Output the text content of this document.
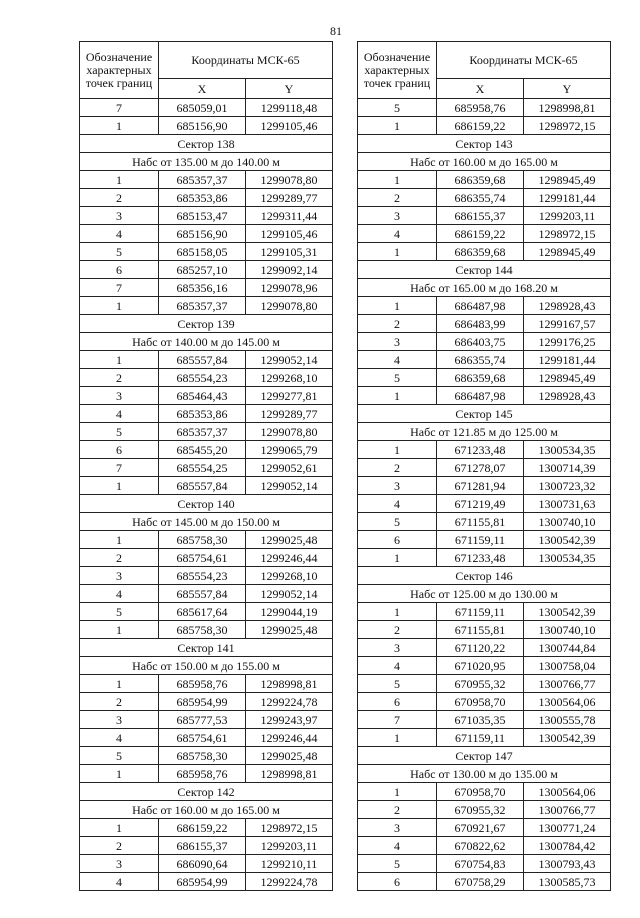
81
Обозначение характерных точек границ	Координаты МСК-65	
	X	Y
7	685059,01	1299118,48
1	685156,90	1299105,46
Сектор 138		
Набс от 135.00 м до 140.00 м		
1	685357,37	1299078,80
2	685353,86	1299289,77
3	685153,47	1299311,44
4	685156,90	1299105,46
5	685158,05	1299105,31
6	685257,10	1299092,14
7	685356,16	1299078,96
1	685357,37	1299078,80
Сектор 139		
Набс от 140.00 м до 145.00 м		
1	685557,84	1299052,14
2	685554,23	1299268,10
3	685464,43	1299277,81
4	685353,86	1299289,77
5	685357,37	1299078,80
6	685455,20	1299065,79
7	685554,25	1299052,61
1	685557,84	1299052,14
Сектор 140		
Набс от 145.00 м до 150.00 м		
1	685758,30	1299025,48
2	685754,61	1299246,44
3	685554,23	1299268,10
4	685557,84	1299052,14
5	685617,64	1299044,19
1	685758,30	1299025,48
Сектор 141		
Набс от 150.00 м до 155.00 м		
1	685958,76	1298998,81
2	685954,99	1299224,78
3	685777,53	1299243,97
4	685754,61	1299246,44
5	685758,30	1299025,48
1	685958,76	1298998,81
Сектор 142		
Набс от 160.00 м до 165.00 м		
1	686159,22	1298972,15
2	686155,37	1299203,11
3	686090,64	1299210,11
4	685954,99	1299224,78
Обозначение характерных точек границ	Координаты МСК-65	
	X	Y
5	685958,76	1298998,81
1	686159,22	1298972,15
Сектор 143		
Набс от 160.00 м до 165.00 м		
1	686359,68	1298945,49
2	686355,74	1299181,44
3	686155,37	1299203,11
4	686159,22	1298972,15
1	686359,68	1298945,49
Сектор 144		
Набс от 165.00 м до 168.20 м		
1	686487,98	1298928,43
2	686483,99	1299167,57
3	686403,75	1299176,25
4	686355,74	1299181,44
5	686359,68	1298945,49
1	686487,98	1298928,43
Сектор 145		
Набс от 121.85 м до 125.00 м		
1	671233,48	1300534,35
2	671278,07	1300714,39
3	671281,94	1300723,32
4	671219,49	1300731,63
5	671155,81	1300740,10
6	671159,11	1300542,39
1	671233,48	1300534,35
Сектор 146		
Набс от 125.00 м до 130.00 м		
1	671159,11	1300542,39
2	671155,81	1300740,10
3	671120,22	1300744,84
4	671020,95	1300758,04
5	670955,32	1300766,77
6	670958,70	1300564,06
7	671035,35	1300555,78
1	671159,11	1300542,39
Сектор 147		
Набс от 130.00 м до 135.00 м		
1	670958,70	1300564,06
2	670955,32	1300766,77
3	670921,67	1300771,24
4	670822,62	1300784,42
5	670754,83	1300793,43
6	670758,29	1300585,73
